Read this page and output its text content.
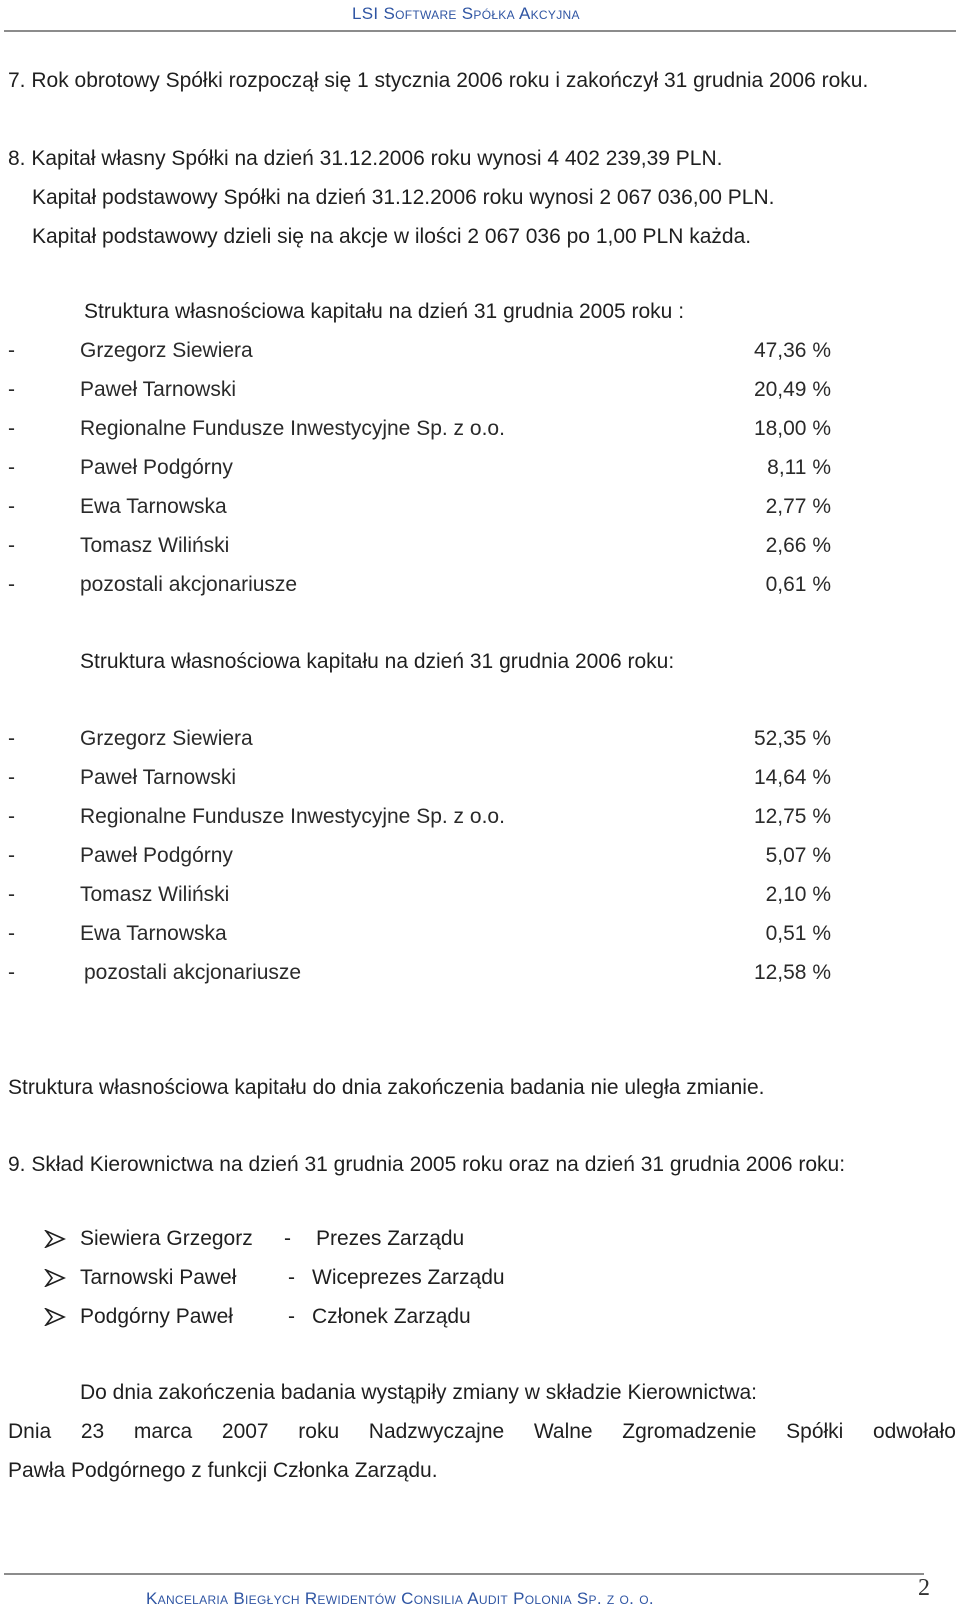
LSI Software Spółka Akcyjna
7. Rok obrotowy Spółki rozpoczął się 1 stycznia 2006 roku i zakończył 31 grudnia 2006 roku.
8. Kapitał własny Spółki na dzień 31.12.2006 roku wynosi 4 402 239,39 PLN.
Kapitał podstawowy Spółki na dzień 31.12.2006 roku wynosi 2 067 036,00 PLN.
Kapitał podstawowy dzieli się na akcje w ilości 2 067 036 po 1,00 PLN każda.
Struktura własnościowa kapitału na dzień 31 grudnia 2005 roku :
-	Grzegorz Siewiera	47,36 %
-	Paweł Tarnowski	20,49 %
-	Regionalne Fundusze Inwestycyjne Sp. z o.o.	18,00 %
-	Paweł Podgórny	8,11 %
-	Ewa Tarnowska	2,77 %
-	Tomasz Wiliński	2,66 %
-	pozostali akcjonariusze	0,61 %
Struktura własnościowa kapitału na dzień 31 grudnia 2006 roku:
-	Grzegorz Siewiera	52,35 %
-	Paweł Tarnowski	14,64 %
-	Regionalne Fundusze Inwestycyjne Sp. z o.o.	12,75 %
-	Paweł Podgórny	5,07 %
-	Tomasz Wiliński	2,10 %
-	Ewa Tarnowska	0,51 %
-	pozostali akcjonariusze	12,58 %
Struktura własnościowa kapitału do dnia zakończenia badania nie uległa zmianie.
9. Skład Kierownictwa na dzień 31 grudnia 2005 roku oraz na dzień 31 grudnia 2006 roku:
Siewiera Grzegorz - Prezes Zarządu
Tarnowski Paweł - Wiceprezes Zarządu
Podgórny Paweł	- Członek Zarządu
Do dnia zakończenia badania wystąpiły zmiany w składzie Kierownictwa:
Dnia 23 marca 2007 roku Nadzwyczajne Walne Zgromadzenie Spółki odwołało
Pawła Podgórnego z funkcji Członka Zarządu.
Kancelaria Biegłych Rewidentów Consilia Audit Polonia Sp. z o. o.	2
